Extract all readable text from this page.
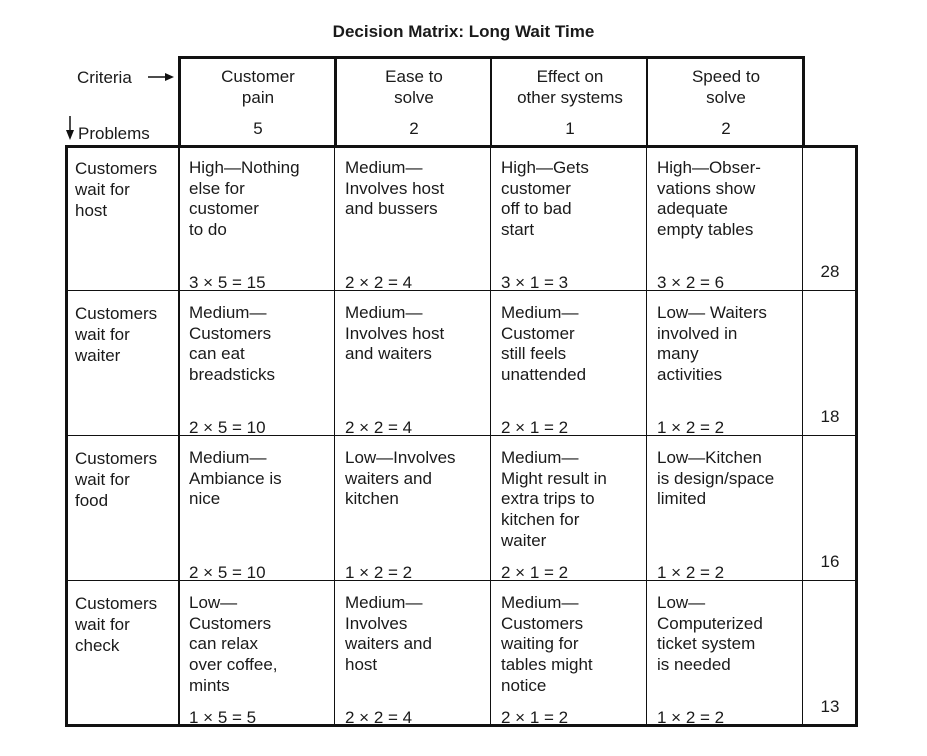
Decision Matrix: Long Wait Time
Criteria
Problems
Customer
pain
5
Ease to
solve
2
Effect on
other systems
1
Speed to
solve
2
Customers
wait for
host
High—Nothing
else for
customer
to do
3 × 5 = 15
Medium—
Involves host
and bussers
2 × 2 = 4
High—Gets
customer
off to bad
start
3 × 1 = 3
High—Obser-
vations show
adequate
empty tables
3 × 2 = 6
28
Customers
wait for
waiter
Medium—
Customers
can eat
breadsticks
2 × 5 = 10
Medium—
Involves host
and waiters
2 × 2 = 4
Medium—
Customer
still feels
unattended
2 × 1 = 2
Low— Waiters
involved in
many
activities
1 × 2 = 2
18
Customers
wait for
food
Medium—
Ambiance is
nice
2 × 5 = 10
Low—Involves
waiters and
kitchen
1 × 2 = 2
Medium—
Might result in
extra trips to
kitchen for
waiter
2 × 1 = 2
Low—Kitchen
is design/space
limited
1 × 2 = 2
16
Customers
wait for
check
Low—
Customers
can relax
over coffee,
mints
1 × 5 = 5
Medium—
Involves
waiters and
host
2 × 2 = 4
Medium—
Customers
waiting for
tables might
notice
2 × 1 = 2
Low—
Computerized
ticket system
is needed
1 × 2 = 2
13
